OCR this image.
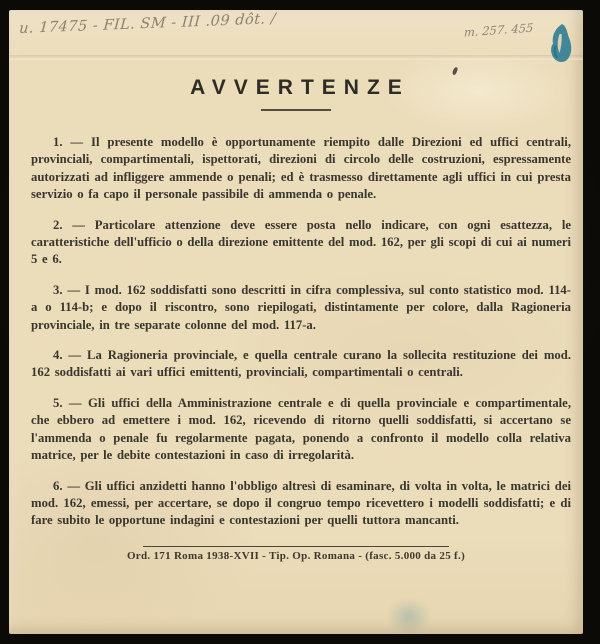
u. 17475 - FIL. SM - III .09 dôt. /	m. 257. 455
AVVERTENZE

1. — Il presente modello è opportunamente riempito dalle Direzioni ed uffici centrali, provinciali, compartimentali, ispettorati, direzioni di circolo delle costruzioni, espressamente autorizzati ad infliggere ammende o penali; ed è trasmesso direttamente agli uffici in cui presta servizio o fa capo il personale passibile di ammenda o penale.

2. — Particolare attenzione deve essere posta nello indicare, con ogni esattezza, le caratteristiche dell'ufficio o della direzione emittente del mod. 162, per gli scopi di cui ai numeri 5 e 6.

3. — I mod. 162 soddisfatti sono descritti in cifra complessiva, sul conto statistico mod. 114-a o 114-b; e dopo il riscontro, sono riepilogati, distintamente per colore, dalla Ragioneria provinciale, in tre separate colonne del mod. 117-a.

4. — La Ragioneria provinciale, e quella centrale curano la sollecita restituzione dei mod. 162 soddisfatti ai vari uffici emittenti, provinciali, compartimentali o centrali.

5. — Gli uffici della Amministrazione centrale e di quella provinciale e compartimentale, che ebbero ad emettere i mod. 162, ricevendo di ritorno quelli soddisfatti, si accertano se l'ammenda o penale fu regolarmente pagata, ponendo a confronto il modello colla relativa matrice, per le debite contestazioni in caso di irregolarità.

6. — Gli uffici anzidetti hanno l'obbligo altresì di esaminare, di volta in volta, le matrici dei mod. 162, emessi, per accertare, se dopo il congruo tempo ricevettero i modelli soddisfatti; e di fare subito le opportune indagini e contestazioni per quelli tuttora mancanti.

Ord. 171 Roma 1938-XVII - Tip. Op. Romana - (fasc. 5.000 da 25 f.)
